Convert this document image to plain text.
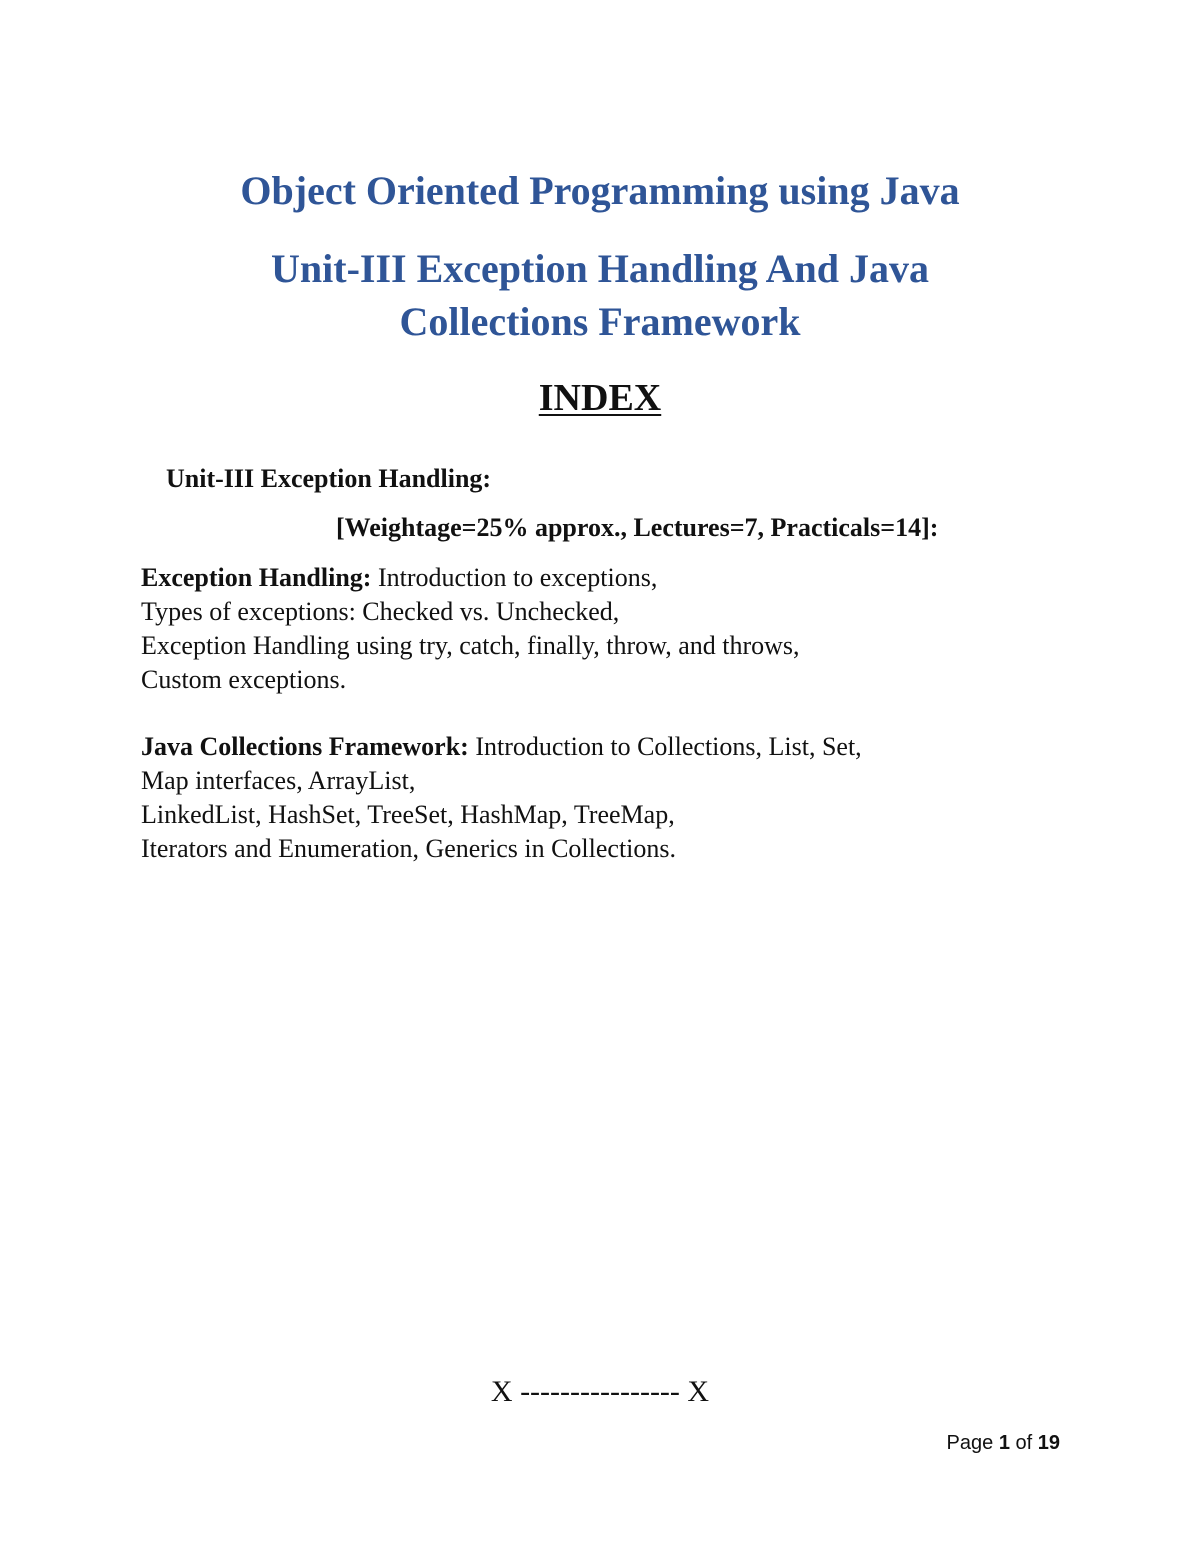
Object Oriented Programming using Java
Unit-III Exception Handling And Java
Collections Framework
INDEX
Unit-III Exception Handling:
[Weightage=25% approx., Lectures=7, Practicals=14]:
Exception Handling: Introduction to exceptions,
Types of exceptions: Checked vs. Unchecked,
Exception Handling using try, catch, finally, throw, and throws,
Custom exceptions.
Java Collections Framework: Introduction to Collections, List, Set,
Map interfaces, ArrayList,
LinkedList, HashSet, TreeSet, HashMap, TreeMap,
Iterators and Enumeration, Generics in Collections.
X ---------------- X
Page 1 of 19
